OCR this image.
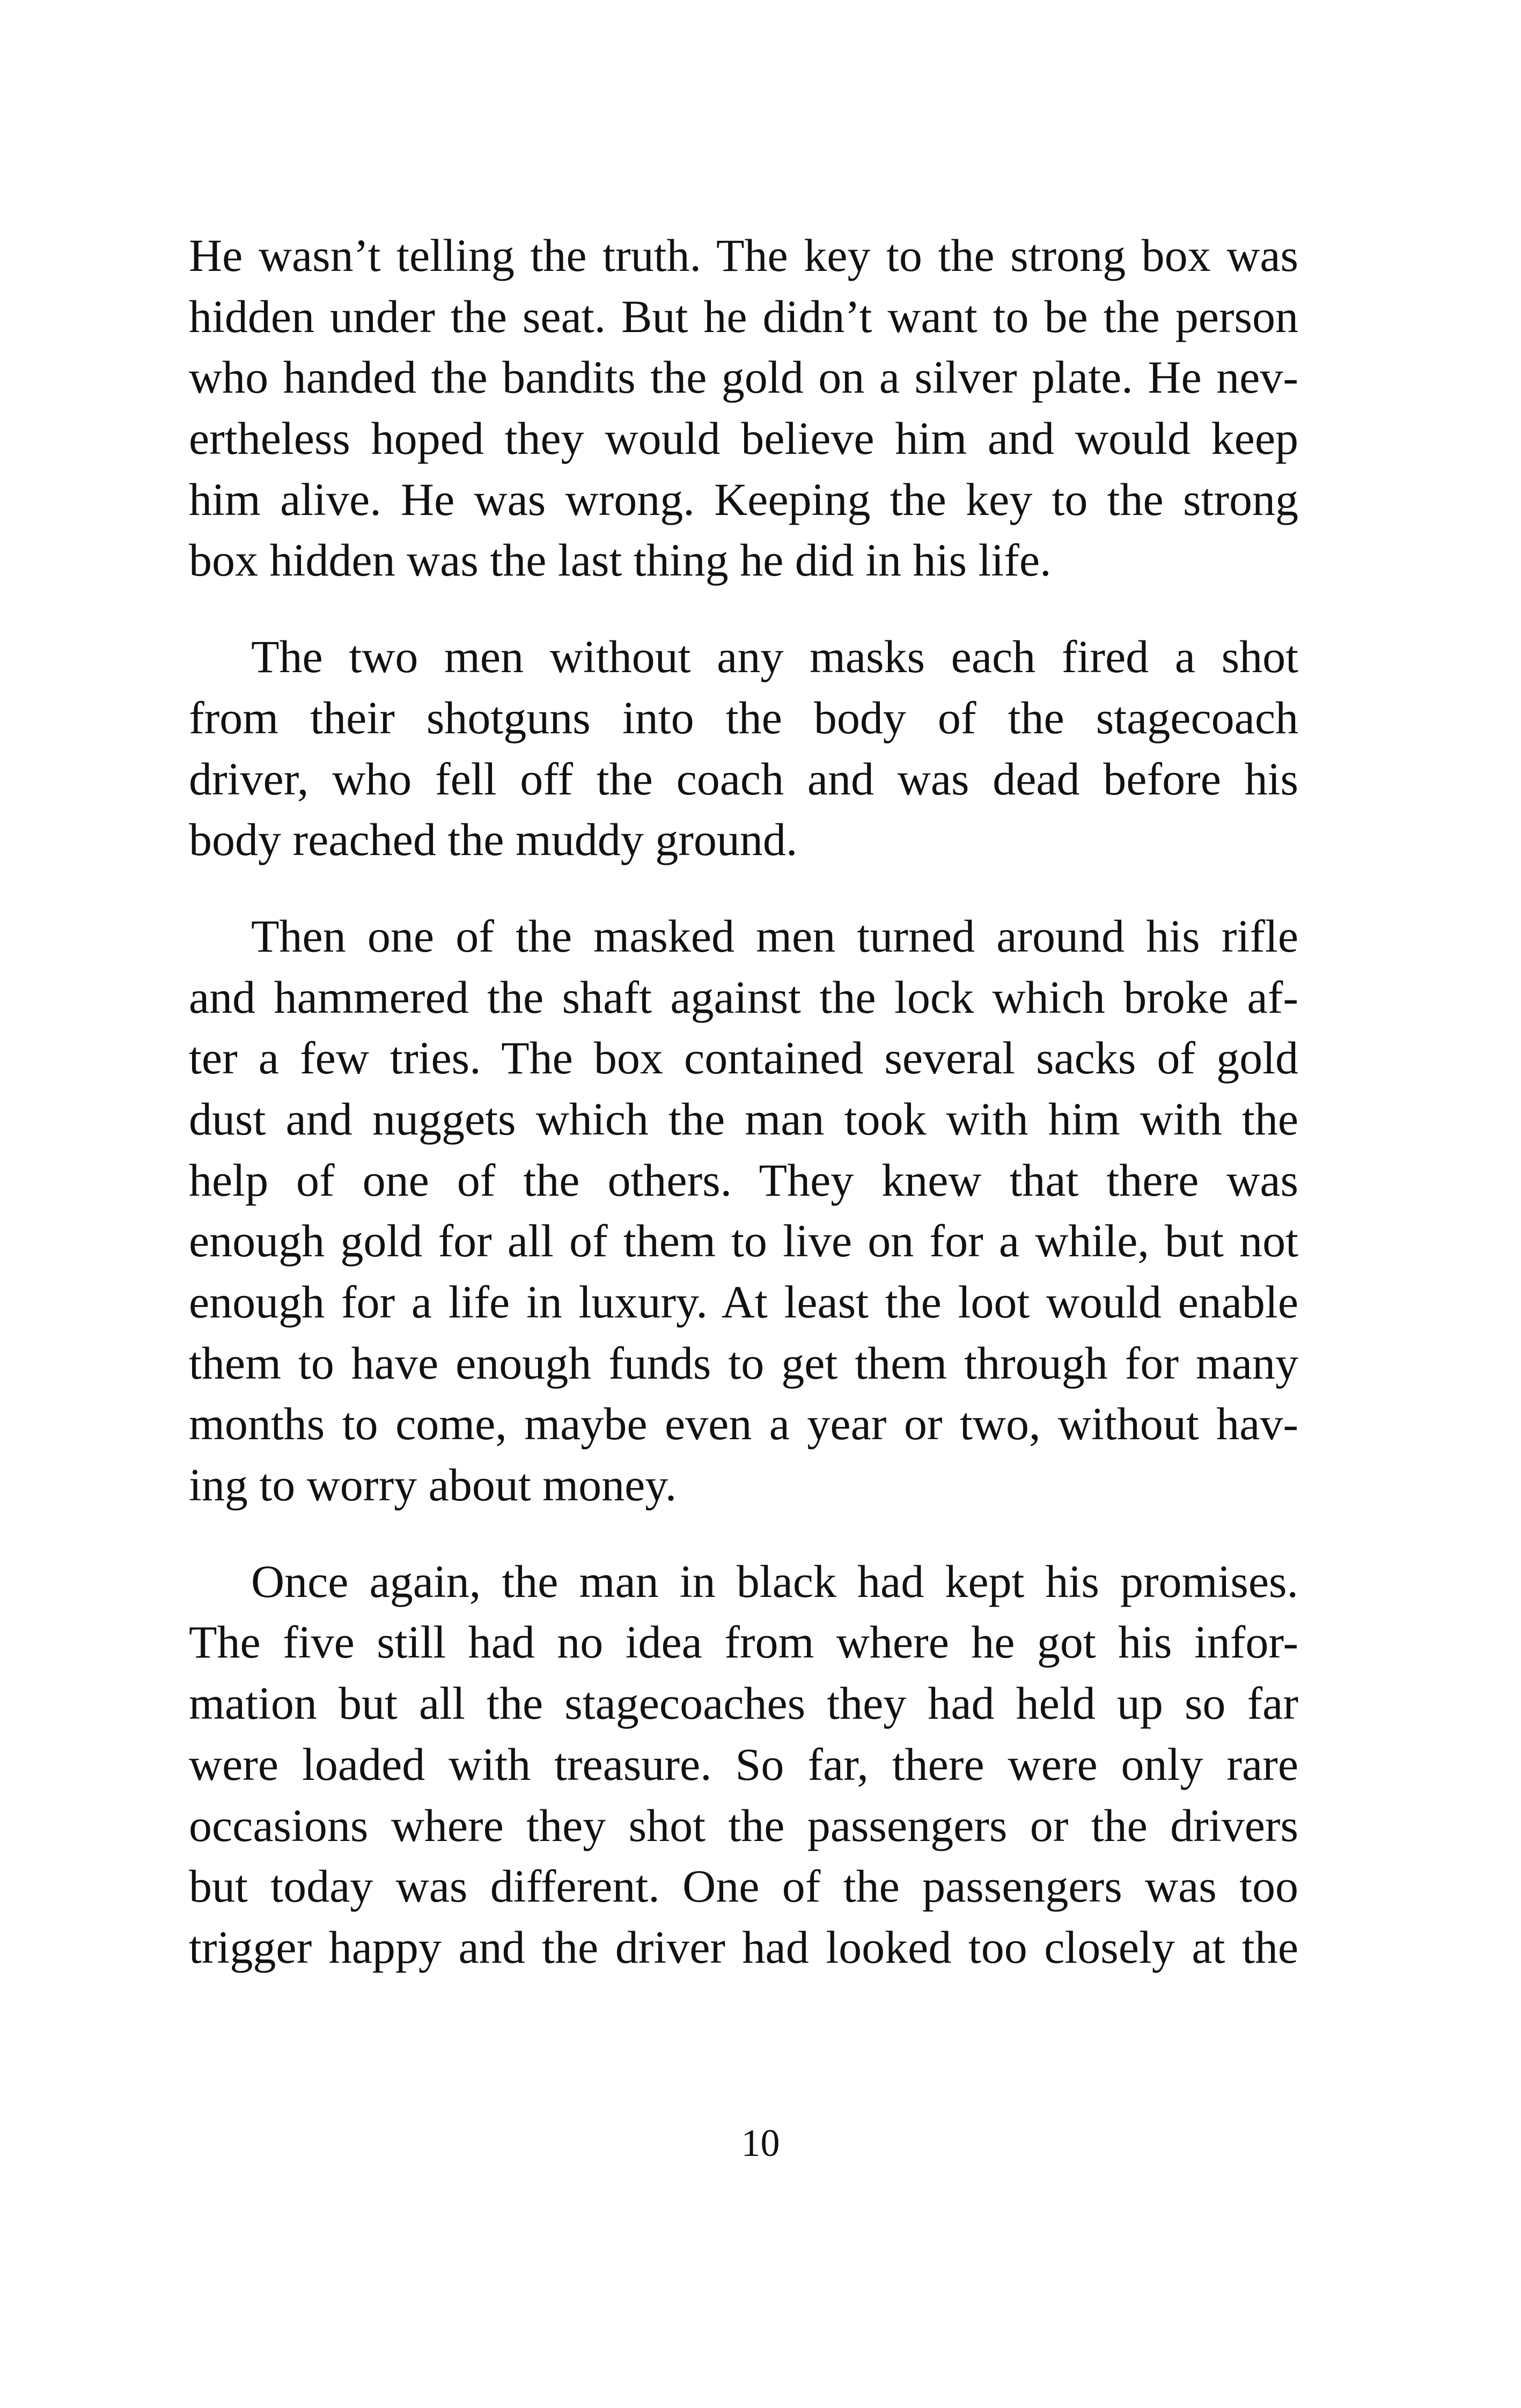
He wasn’t telling the truth. The key to the strong box was
hidden under the seat. But he didn’t want to be the person
who handed the bandits the gold on a silver plate. He nev-
ertheless hoped they would believe him and would keep
him alive. He was wrong. Keeping the key to the strong
box hidden was the last thing he did in his life.
The two men without any masks each fired a shot
from their shotguns into the body of the stagecoach
driver, who fell off the coach and was dead before his
body reached the muddy ground.
Then one of the masked men turned around his rifle
and hammered the shaft against the lock which broke af-
ter a few tries. The box contained several sacks of gold
dust and nuggets which the man took with him with the
help of one of the others. They knew that there was
enough gold for all of them to live on for a while, but not
enough for a life in luxury. At least the loot would enable
them to have enough funds to get them through for many
months to come, maybe even a year or two, without hav-
ing to worry about money.
Once again, the man in black had kept his promises.
The five still had no idea from where he got his infor-
mation but all the stagecoaches they had held up so far
were loaded with treasure. So far, there were only rare
occasions where they shot the passengers or the drivers
but today was different. One of the passengers was too
trigger happy and the driver had looked too closely at the
10
